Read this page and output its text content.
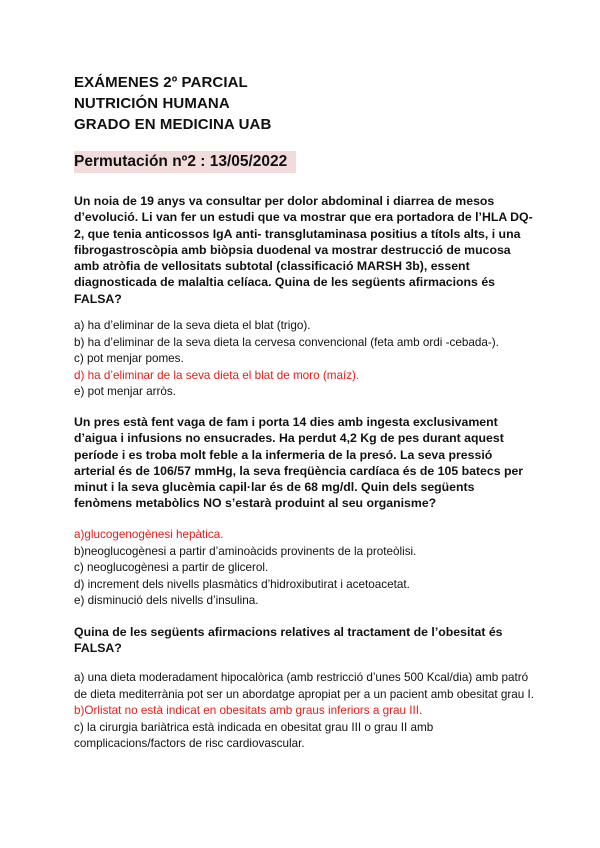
EXÁMENES 2º PARCIAL
NUTRICIÓN HUMANA
GRADO EN MEDICINA UAB
Permutación nº2 : 13/05/2022

Un noia de 19 anys va consultar per dolor abdominal i diarrea de mesos d’evolució. Li van fer un estudi que va mostrar que era portadora de l’HLA DQ-2, que tenia anticossos IgA anti- transglutaminasa positius a títols alts, i una fibrogastroscòpia amb biòpsia duodenal va mostrar destrucció de mucosa amb atròfia de vellositats subtotal (classificació MARSH 3b), essent diagnosticada de malaltia celíaca. Quina de les següents afirmacions és FALSA?

a) ha d’eliminar de la seva dieta el blat (trigo).
b) ha d’eliminar de la seva dieta la cervesa convencional (feta amb ordi -cebada-).
c) pot menjar pomes.
d) ha d’eliminar de la seva dieta el blat de moro (maíz).
e) pot menjar arròs.

Un pres està fent vaga de fam i porta 14 dies amb ingesta exclusivament d’aigua i infusions no ensucrades. Ha perdut 4,2 Kg de pes durant aquest període i es troba molt feble a la infermeria de la presó. La seva pressió arterial és de 106/57 mmHg, la seva freqüència cardíaca és de 105 batecs per minut i la seva glucèmia capil·lar és de 68 mg/dl. Quin dels següents fenòmens metabòlics NO s’estarà produint al seu organisme?

a)glucogenogènesi hepàtica.
b)neoglucogènesi a partir d’aminoàcids provinents de la proteòlisi.
c) neoglucogènesi a partir de glicerol.
d) increment dels nivells plasmàtics d’hidroxibutirat i acetoacetat.
e) disminució dels nivells d’insulina.

Quina de les següents afirmacions relatives al tractament de l’obesitat és FALSA?

a) una dieta moderadament hipocalòrica (amb restricció d’unes 500 Kcal/dia) amb patró de dieta mediterrània pot ser un abordatge apropiat per a un pacient amb obesitat grau I.
b)Orlistat no està indicat en obesitats amb graus inferiors a grau III.
c) la cirurgia bariàtrica està indicada en obesitat grau III o grau II amb complicacions/factors de risc cardiovascular.
